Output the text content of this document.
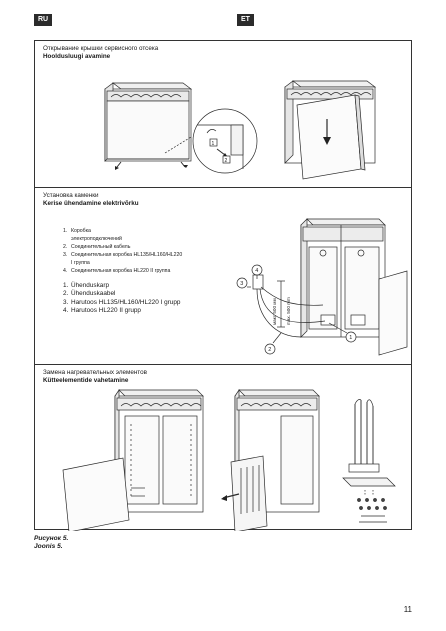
RU	ET
Открывание крышки сервисного отсека
Hooldusluugi avamine
1
2
Установка каменки
Kerise ühendamine elektrivõrku
1. Коробка
электроподключений
2. Соединительный кабель
3. Соединительная коробка HL135/HL160/HL220
I группа
4. Соединительная коробка HL220 II группа
1. Ühenduskarp
2. Ühenduskaabel
3. Harutoos HL135/HL160/HL220 I grupp
4. Harutoos HL220 II grupp	макс 500 мм max. 500 mm
3
4
1
2
Замена нагревательных элементов
Kütteelementide vahetamine
Рисунок 5.
Joonis 5.
11
